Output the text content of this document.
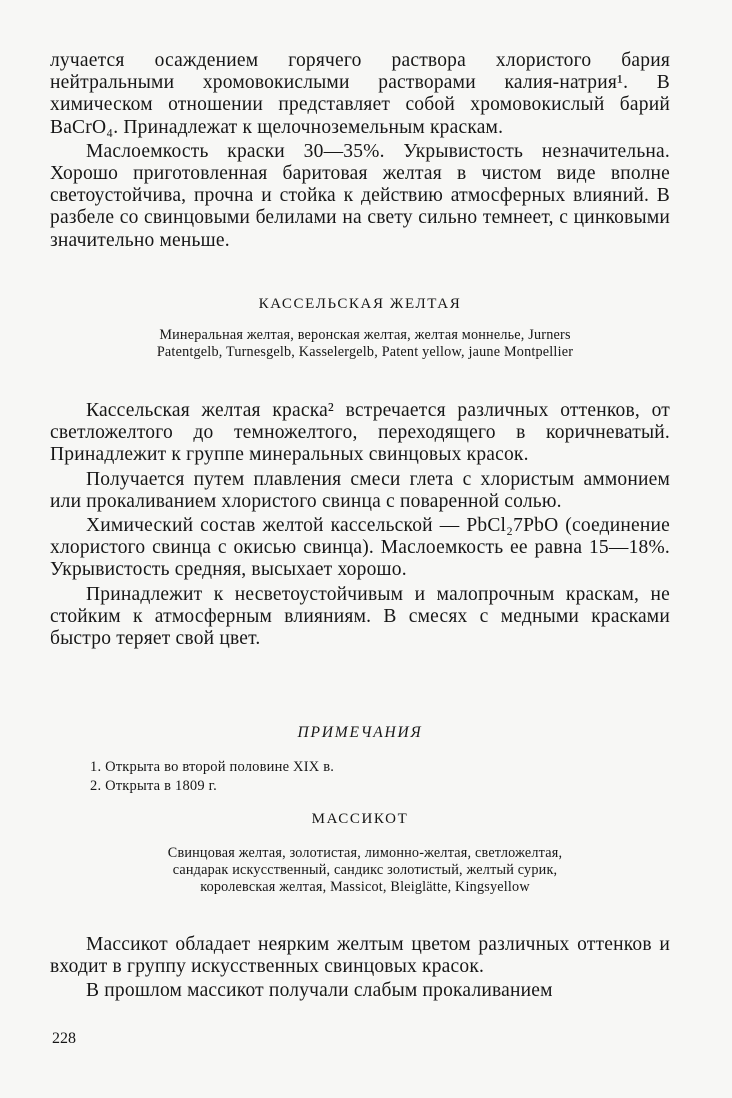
лучается осаждением горячего раствора хлористого бария нейтральными хромовокислыми растворами калия-натрия¹. В химическом отношении представляет собой хромовокислый барий BaCrO₄. Принадлежат к щелочноземельным краскам.

Маслоемкость краски 30—35%. Укрывистость незначительна. Хорошо приготовленная баритовая желтая в чистом виде вполне светоустойчива, прочна и стойка к действию атмосферных влияний. В разбеле со свинцовыми белилами на свету сильно темнеет, с цинковыми значительно меньше.

КАССЕЛЬСКАЯ ЖЕЛТАЯ
Минеральная желтая, веронская желтая, желтая моннелье, Jurners Patentgelb, Turnesgelb, Kasselergelb, Patent yellow, jaune Montpellier

Кассельская желтая краска² встречается различных оттенков, от светложелтого до темножелтого, переходящего в коричневатый. Принадлежит к группе минеральных свинцовых красок.

Получается путем плавления смеси глета с хлористым аммонием или прокаливанием хлористого свинца с поваренной солью.

Химический состав желтой кассельской — PbCl₂7PbO (соединение хлористого свинца с окисью свинца). Маслоемкость ее равна 15—18%. Укрывистость средняя, высыхает хорошо.

Принадлежит к несветоустойчивым и малопрочным краскам, не стойким к атмосферным влияниям. В смесях с медными красками быстро теряет свой цвет.

ПРИМЕЧАНИЯ
1. Открыта во второй половине XIX в.
2. Открыта в 1809 г.
МАССИКОТ
Свинцовая желтая, золотистая, лимонно-желтая, светложелтая, сандарак искусственный, сандикс золотистый, желтый сурик, королевская желтая, Massicot, Bleiglätte, Kingsyellow

Массикот обладает неярким желтым цветом различных оттенков и входит в группу искусственных свинцовых красок.

В прошлом массикот получали слабым прокаливанием

228
